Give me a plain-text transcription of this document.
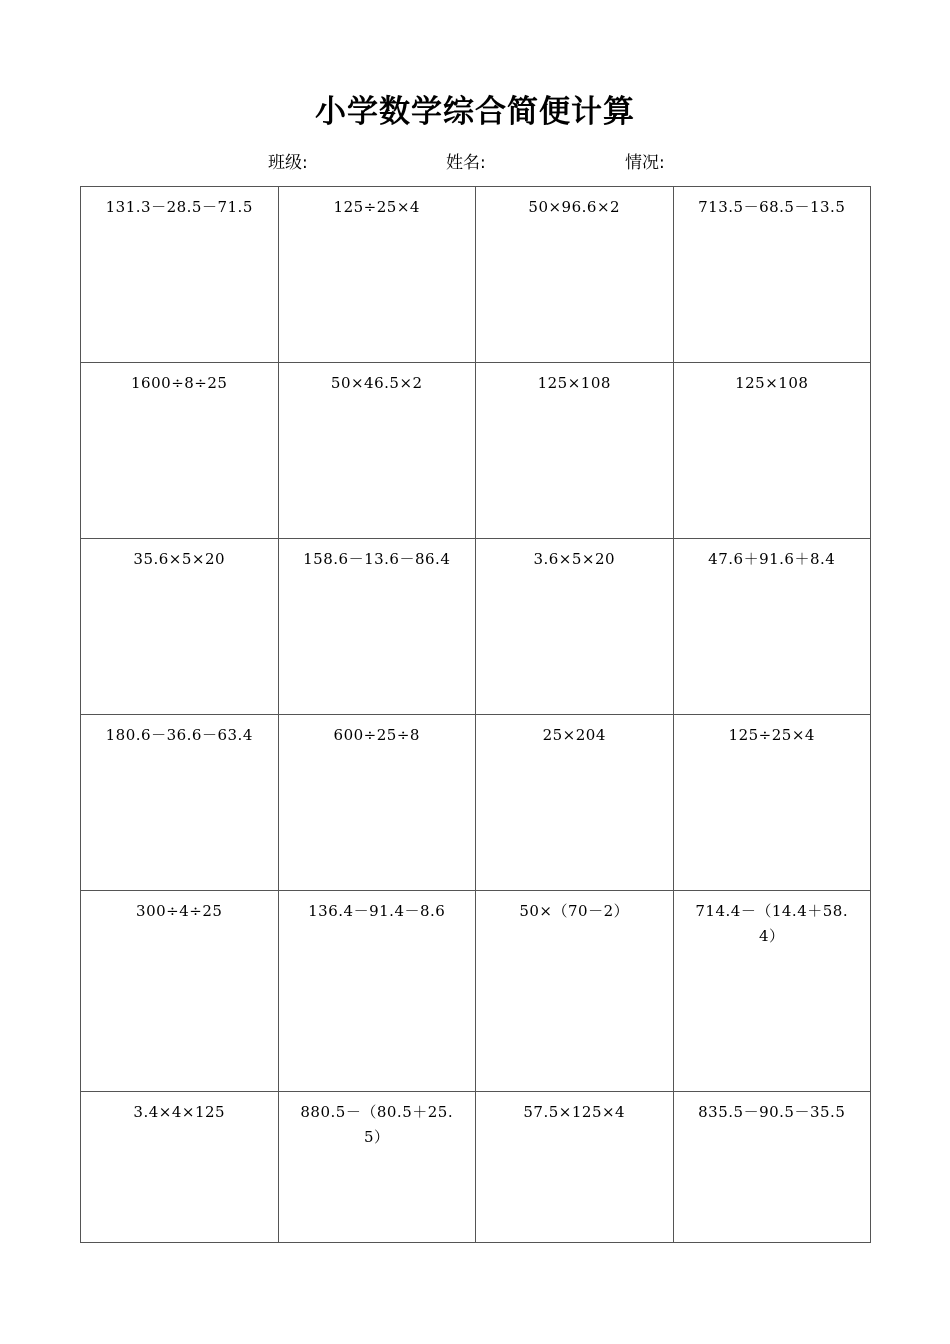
小学数学综合简便计算
班级:	姓名:	情况:
131.3－28.5－71.5	125÷25×4	50×96.6×2	713.5－68.5－13.5
1600÷8÷25	50×46.5×2	125×108	125×108
35.6×5×20	158.6－13.6－86.4	3.6×5×20	47.6＋91.6＋8.4
180.6－36.6－63.4	600÷25÷8	25×204	125÷25×4
300÷4÷25	136.4－91.4－8.6	50×（70－2）	714.4－（14.4＋58.4）
3.4×4×125	880.5－（80.5＋25.5）	57.5×125×4	835.5－90.5－35.5
